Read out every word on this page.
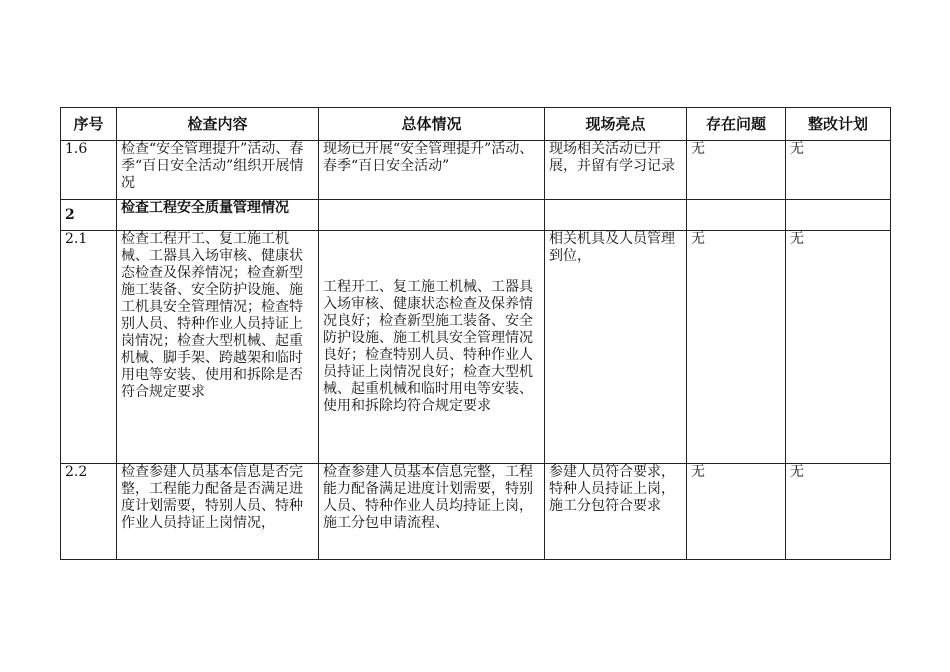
序号	检查内容	总体情况	现场亮点	存在问题	整改计划
1.6	检查“安全管理提升”活动、春季“百日安全活动”组织开展情况	现场已开展“安全管理提升”活动、春季“百日安全活动”	现场相关活动已开展，并留有学习记录	无	无
2	检查工程安全质量管理情况				

2.1	检查工程开工、复工施工机械、工器具入场审核、健康状态检查及保养情况；检查新型施工装备、安全防护设施、施工机具安全管理情况；检查特别人员、特种作业人员持证上岗情况；检查大型机械、起重机械、脚手架、跨越架和临时用电等安装、使用和拆除是否符合规定要求	工程开工、复工施工机械、工器具入场审核、健康状态检查及保养情况良好；检查新型施工装备、安全防护设施、施工机具安全管理情况良好；检查特别人员、特种作业人员持证上岗情况良好；检查大型机械、起重机械和临时用电等安装、使用和拆除均符合规定要求	相关机具及人员管理到位，	无	无
2.2	检查参建人员基本信息是否完整，工程能力配备是否满足进度计划需要，特别人员、特种作业人员持证上岗情况，	检查参建人员基本信息完整，工程能力配备满足进度计划需要，特别人员、特种作业人员均持证上岗，施工分包申请流程、	参建人员符合要求，特种人员持证上岗，施工分包符合要求	无	无
